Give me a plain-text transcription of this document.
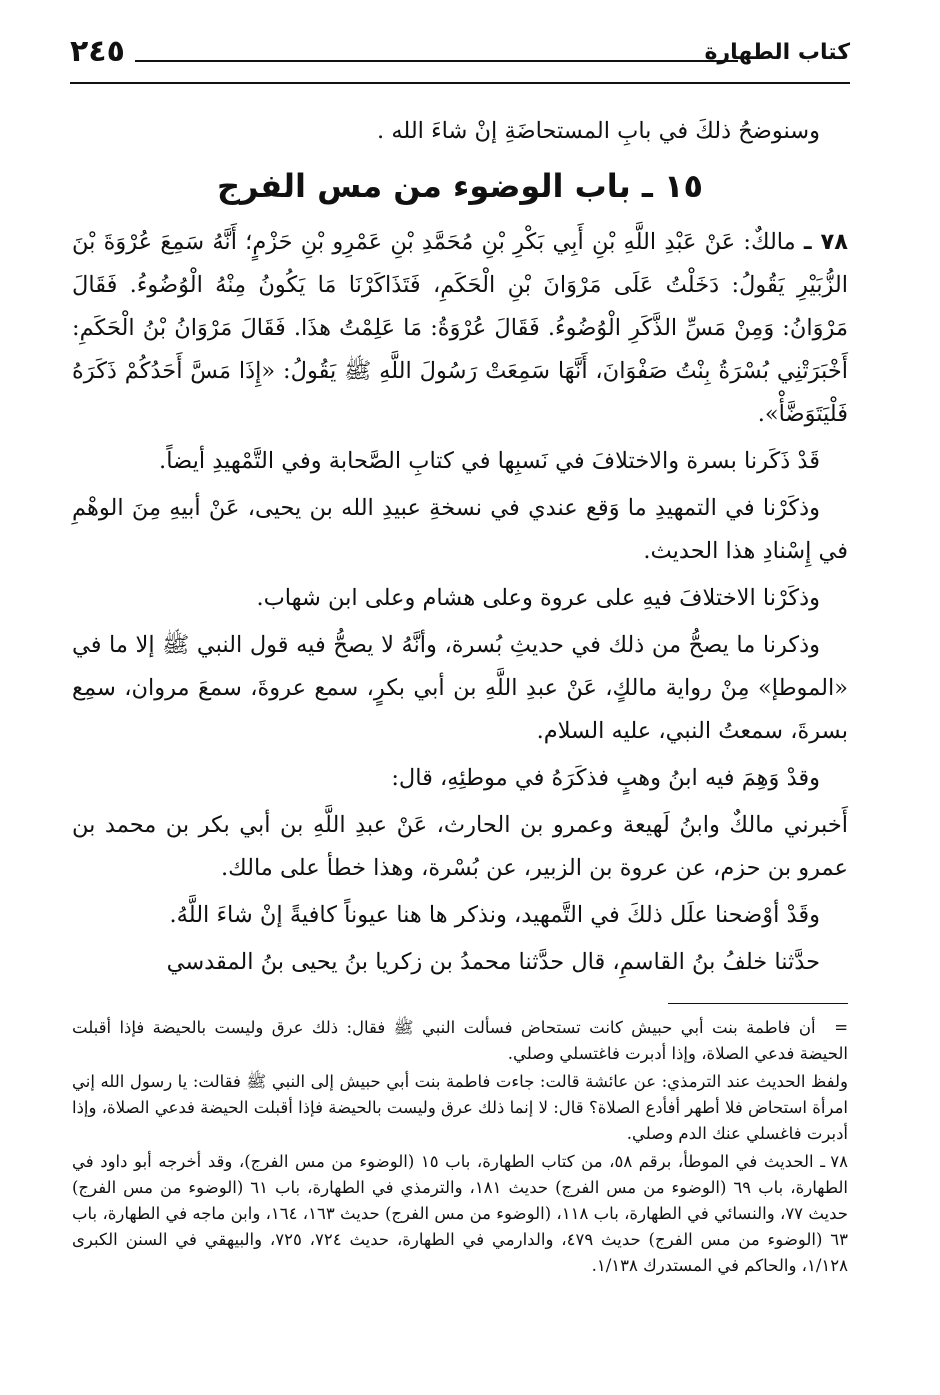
كتاب الطهارة
٢٤٥

وسنوضحُ ذلكَ في بابِ المستحاضَةِ إنْ شاءَ الله .

١٥ ـ باب الوضوء من مس الفرج

٧٨ ـ مالكٌ: عَنْ عَبْدِ اللَّهِ بْنِ أَبِي بَكْرِ بْنِ مُحَمَّدِ بْنِ عَمْرِو بْنِ حَزْمٍ؛ أَنَّهُ سَمِعَ عُرْوَةَ بْنَ الزُّبَيْرِ يَقُولُ: دَخَلْتُ عَلَى مَرْوَانَ بْنِ الْحَكَمِ، فَتَذَاكَرْنَا مَا يَكُونُ مِنْهُ الْوُضُوءُ. فَقَالَ مَرْوَانُ: وَمِنْ مَسِّ الذَّكَرِ الْوُضُوءُ. فَقَالَ عُرْوَةُ: مَا عَلِمْتُ هذَا. فَقَالَ مَرْوَانُ بْنُ الْحَكَمِ: أَخْبَرَتْنِي بُسْرَةُ بِنْتُ صَفْوَانَ، أَنَّهَا سَمِعَتْ رَسُولَ اللَّهِ ﷺ يَقُولُ: «إِذَا مَسَّ أَحَدُكُمْ ذَكَرَهُ فَلْيَتَوَضَّأْ».

قَدْ ذَكَرنا بسرة والاختلافَ في نَسبِها في كتابِ الصَّحابة وفي التَّمْهيدِ أيضاً.

وذكَرْنا في التمهيدِ ما وَقع عندي في نسخةِ عبيدِ الله بن يحيى، عَنْ أبيهِ مِنَ الوهْمِ في إِسْنادِ هذا الحديث.

وذكَرْنا الاختلافَ فيهِ على عروة وعلى هشام وعلى ابن شهاب.

وذكرنا ما يصحُّ من ذلك في حديثِ بُسرة، وأنَّهُ لا يصحُّ فيه قول النبي ﷺ إلا ما في «الموطإ» مِنْ رواية مالكٍ، عَنْ عبدِ اللَّهِ بن أبي بكرٍ، سمع عروةَ، سمعَ مروان، سمِع بسرةَ، سمعتُ النبي، عليه السلام.

وقدْ وَهِمَ فيه ابنُ وهبٍ فذكَرَهُ في موطئِهِ، قال:

أَخبرني مالكٌ وابنُ لَهيعة وعمرو بن الحارث، عَنْ عبدِ اللَّهِ بن أبي بكر بن محمد بن عمرو بن حزم، عن عروة بن الزبير، عن بُسْرة، وهذا خطأ على مالك.

وقَدْ أوْضحنا علَل ذلكَ في التَّمهيد، ونذكر ها هنا عيوناً كافيةً إنْ شاءَ اللَّهُ.

حدَّثنا خلفُ بنُ القاسمِ، قال حدَّثنا محمدُ بن زكريا بنُ يحيى بنُ المقدسي

= أن فاطمة بنت أبي حبيش كانت تستحاض فسألت النبي ﷺ فقال: ذلك عرق وليست بالحيضة فإذا أقبلت الحيضة فدعي الصلاة، وإذا أدبرت فاغتسلي وصلي.

ولفظ الحديث عند الترمذي: عن عائشة قالت: جاءت فاطمة بنت أبي حبيش إلى النبي ﷺ فقالت: يا رسول الله إني امرأة استحاض فلا أطهر أفأدع الصلاة؟ قال: لا إنما ذلك عرق وليست بالحيضة فإذا أقبلت الحيضة فدعي الصلاة، وإذا أدبرت فاغسلي عنك الدم وصلي.

٧٨ ـ الحديث في الموطأ، برقم ٥٨، من كتاب الطهارة، باب ١٥ (الوضوء من مس الفرج)، وقد أخرجه أبو داود في الطهارة، باب ٦٩ (الوضوء من مس الفرج) حديث ١٨١، والترمذي في الطهارة، باب ٦١ (الوضوء من مس الفرج) حديث ٧٧، والنسائي في الطهارة، باب ١١٨، (الوضوء من مس الفرج) حديث ١٦٣، ١٦٤، وابن ماجه في الطهارة، باب ٦٣ (الوضوء من مس الفرج) حديث ٤٧٩، والدارمي في الطهارة، حديث ٧٢٤، ٧٢٥، والبيهقي في السنن الكبرى ١/١٢٨، والحاكم في المستدرك ١/١٣٨.
